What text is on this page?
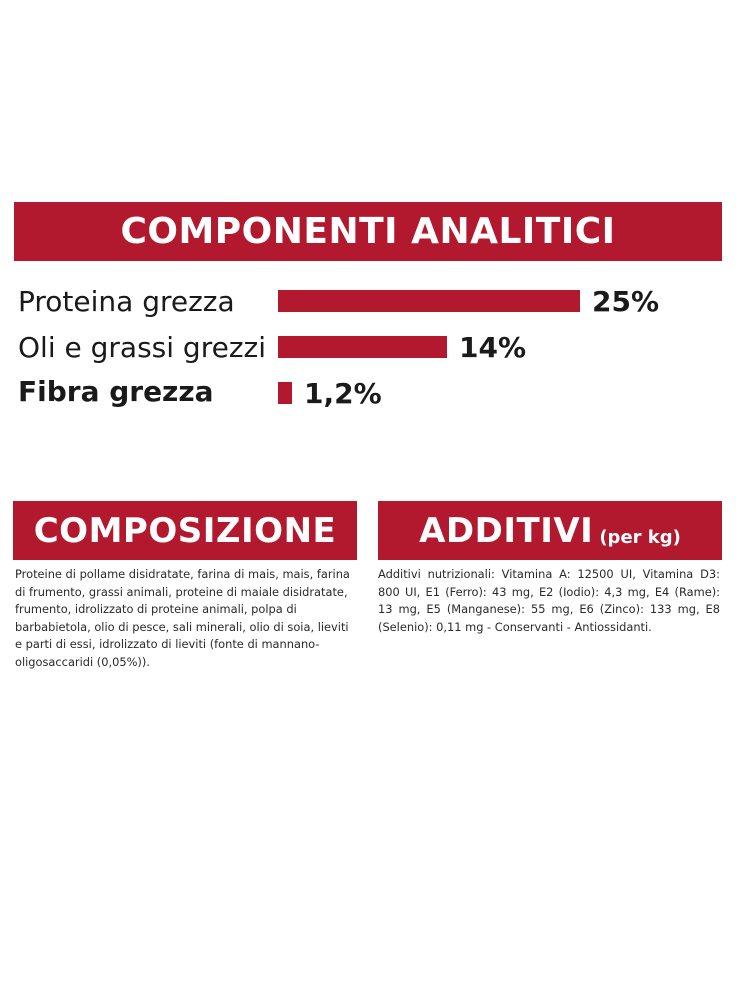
COMPONENTI ANALITICI
Proteina grezza	25%
Oli e grassi grezzi	14%
Fibra grezza	1,2%
COMPOSIZIONE
Proteine di pollame disidratate, farina di mais, mais, farina di frumento, grassi animali, proteine di maiale disidratate, frumento, idrolizzato di proteine animali, polpa di barbabietola, olio di pesce, sali minerali, olio di soia, lieviti e parti di essi, idrolizzato di lieviti (fonte di mannano-oligosaccaridi (0,05%)).
ADDITIVI (per kg)
Additivi nutrizionali: Vitamina A: 12500 UI, Vitamina D3: 800 UI, E1 (Ferro): 43 mg, E2 (Iodio): 4,3 mg, E4 (Rame): 13 mg, E5 (Manganese): 55 mg, E6 (Zinco): 133 mg, E8 (Selenio): 0,11 mg - Conservanti - Antiossidanti.
